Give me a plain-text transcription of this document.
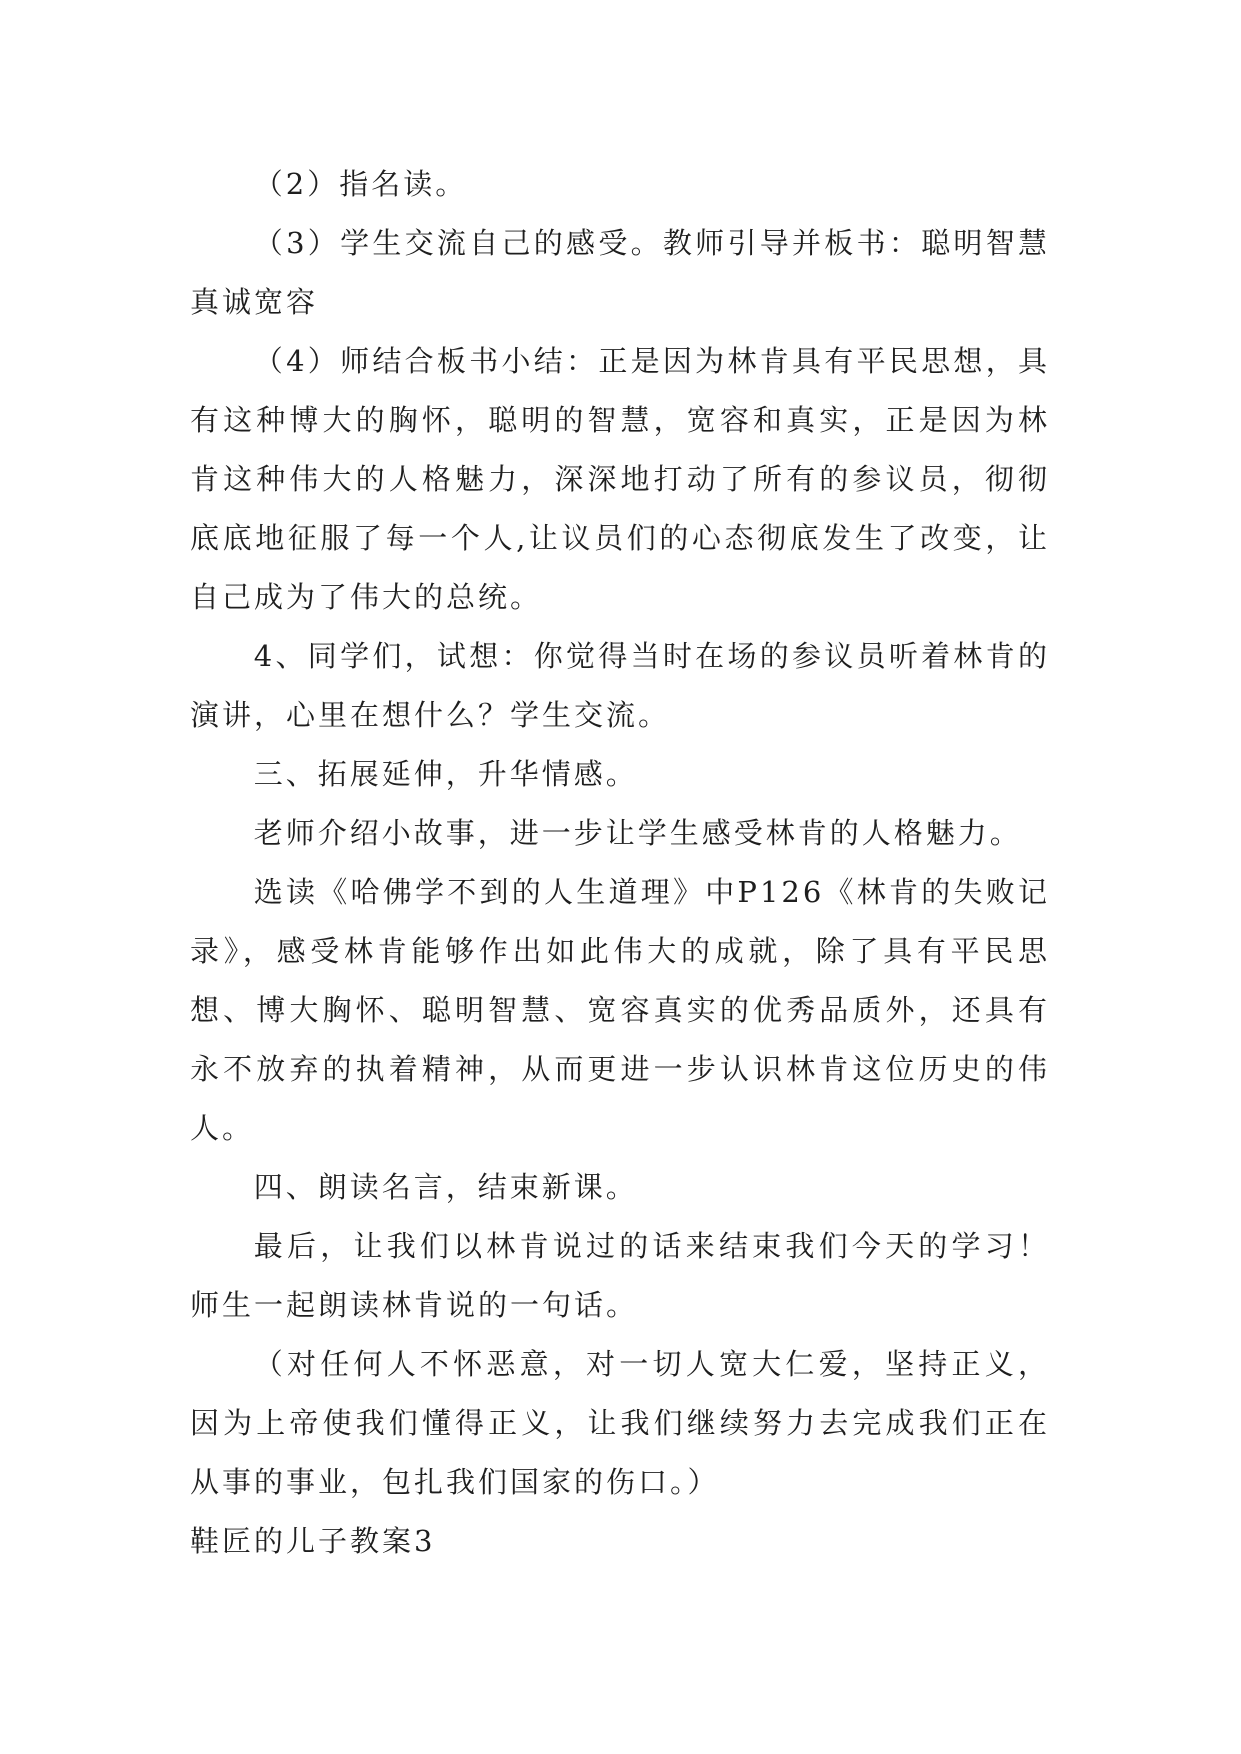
（2）指名读。

（3）学生交流自己的感受。教师引导并板书：聪明智慧 真诚宽容

（4）师结合板书小结：正是因为林肯具有平民思想，具有这种博大的胸怀，聪明的智慧，宽容和真实，正是因为林肯这种伟大的人格魅力，深深地打动了所有的参议员，彻彻底底地征服了每一个人,让议员们的心态彻底发生了改变，让自己成为了伟大的总统。

4、同学们，试想：你觉得当时在场的参议员听着林肯的演讲，心里在想什么？学生交流。

三、拓展延伸，升华情感。

老师介绍小故事，进一步让学生感受林肯的人格魅力。

选读《哈佛学不到的人生道理》中P126《林肯的失败记录》，感受林肯能够作出如此伟大的成就，除了具有平民思想、博大胸怀、聪明智慧、宽容真实的优秀品质外，还具有永不放弃的执着精神，从而更进一步认识林肯这位历史的伟人。

四、朗读名言，结束新课。

最后，让我们以林肯说过的话来结束我们今天的学习！师生一起朗读林肯说的一句话。

（对任何人不怀恶意，对一切人宽大仁爱，坚持正义，因为上帝使我们懂得正义，让我们继续努力去完成我们正在从事的事业，包扎我们国家的伤口。）

鞋匠的儿子教案3
